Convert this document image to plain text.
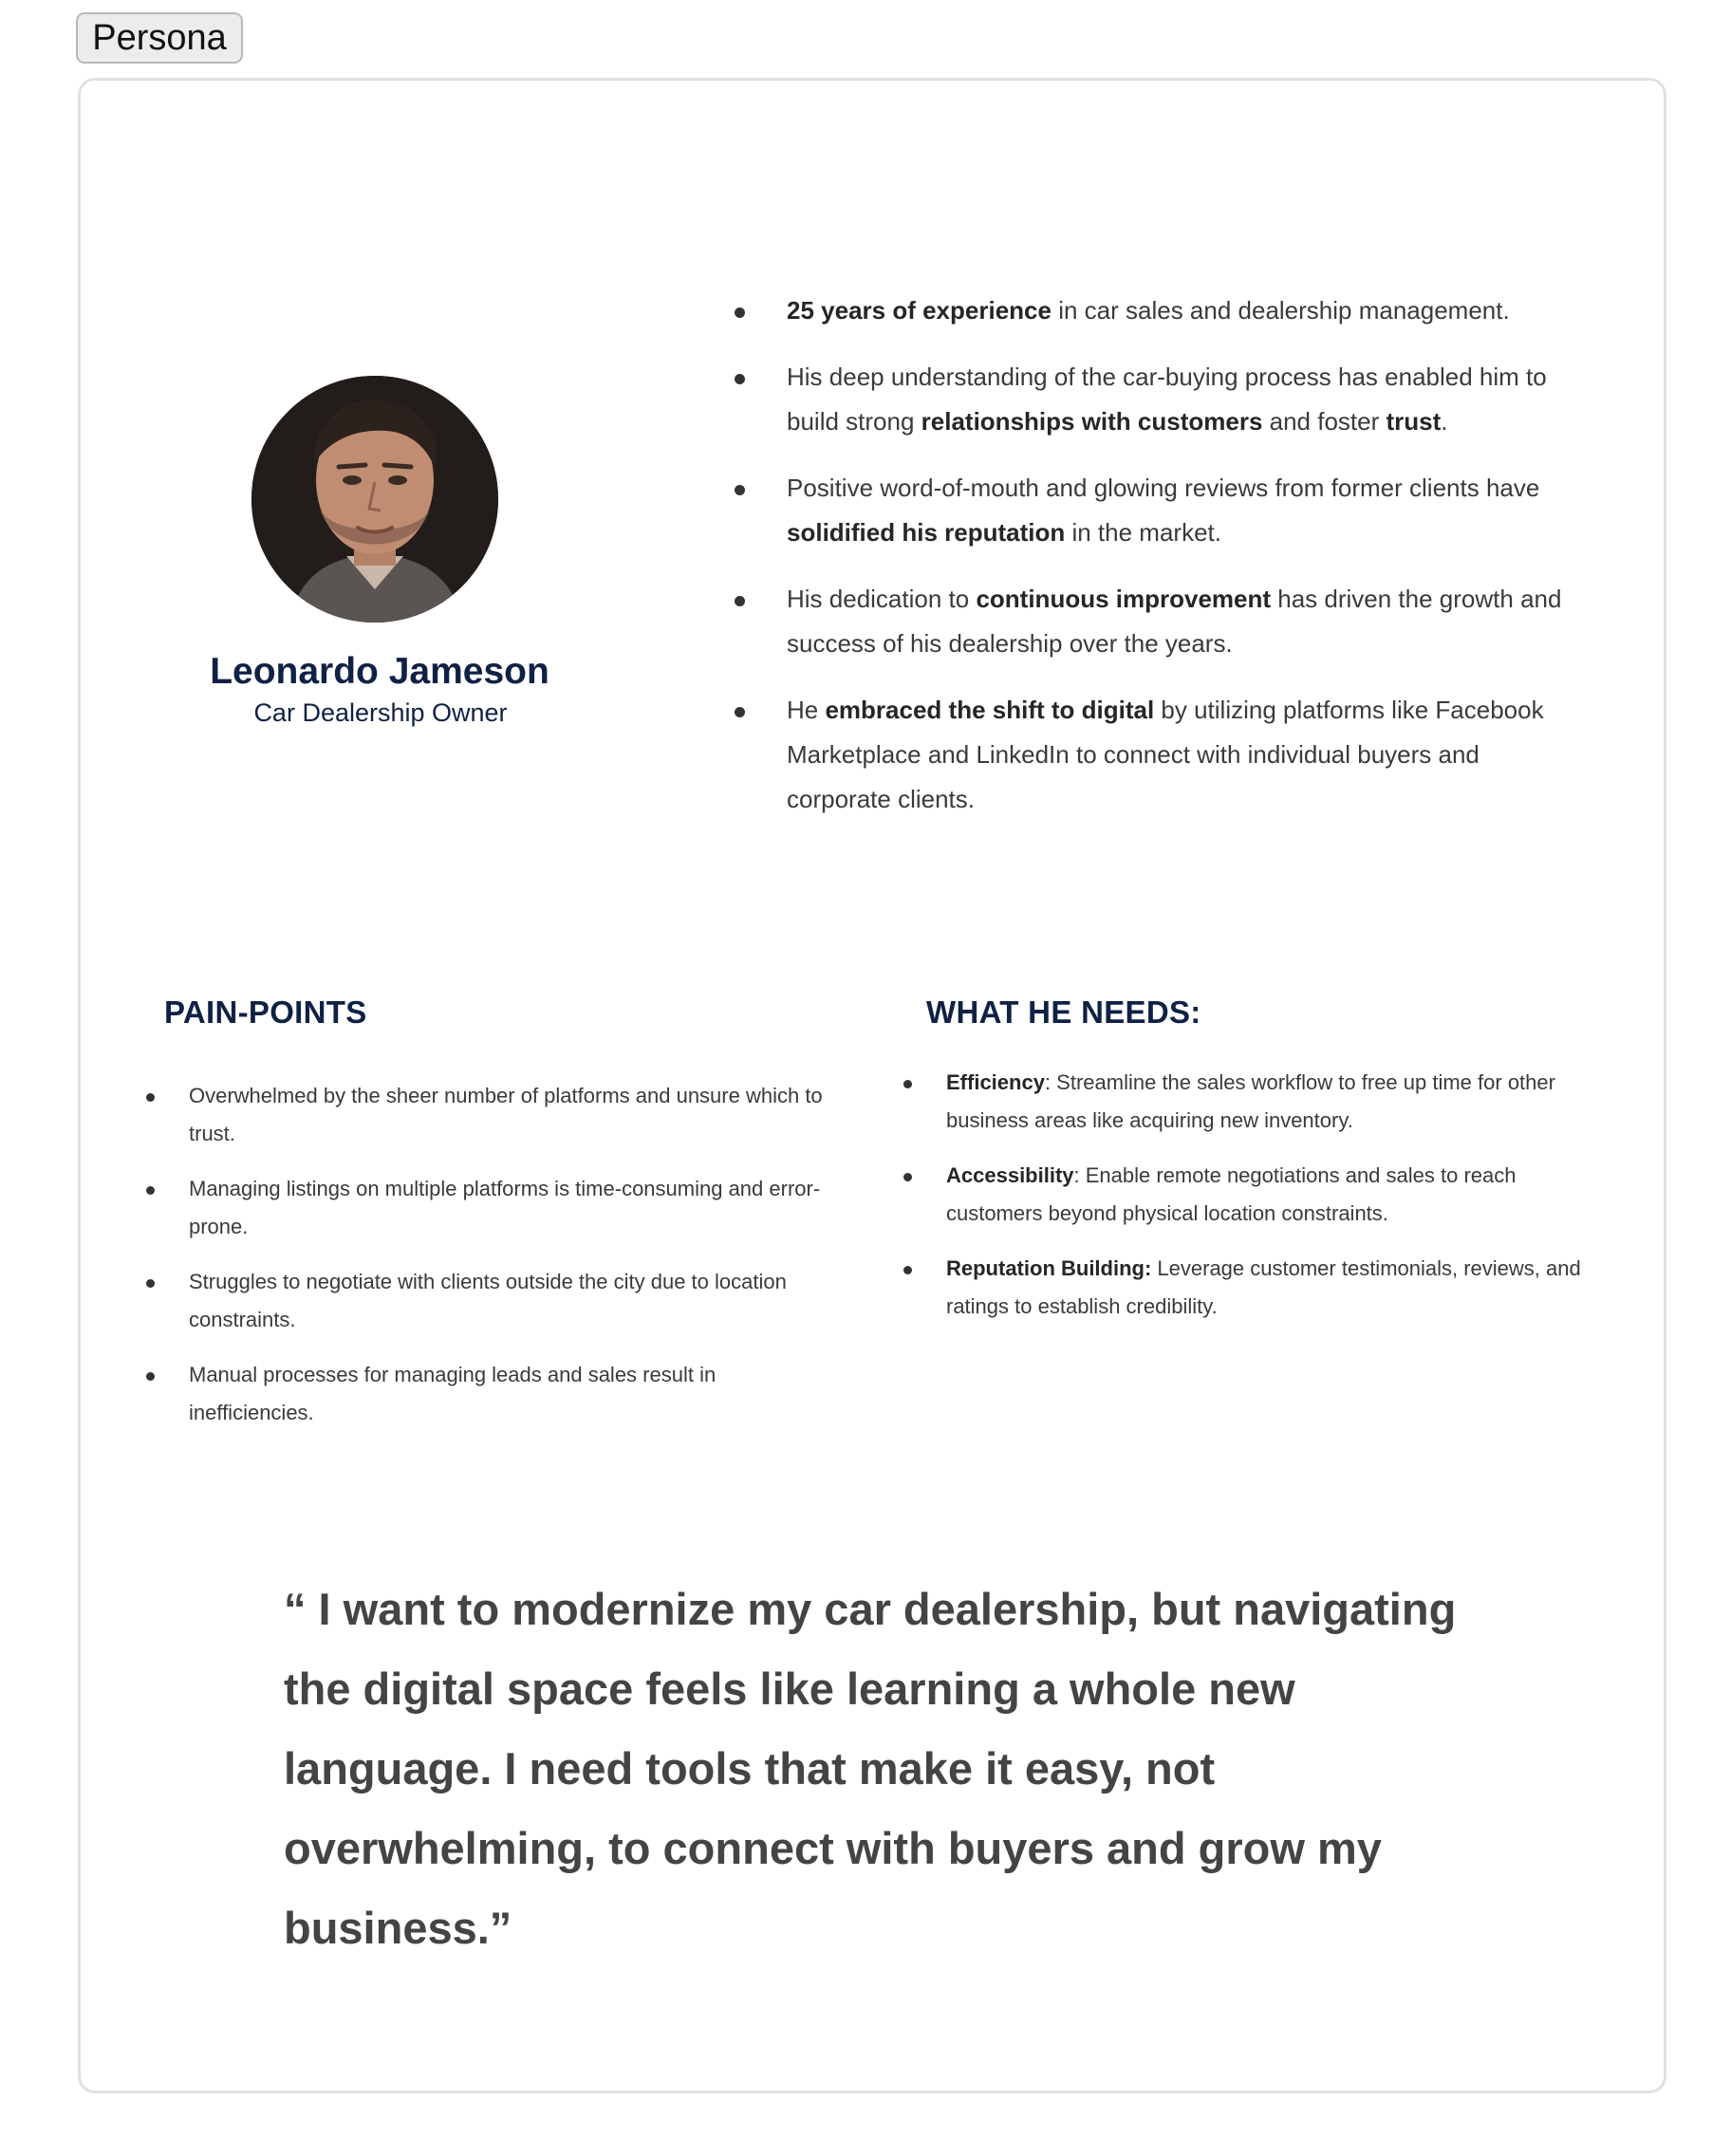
Persona
Leonardo Jameson
Car Dealership Owner
25 years of experience in car sales and dealership management.
His deep understanding of the car-buying process has enabled him to build strong relationships with customers and foster trust.
Positive word-of-mouth and glowing reviews from former clients have solidified his reputation in the market.
His dedication to continuous improvement has driven the growth and success of his dealership over the years.
He embraced the shift to digital by utilizing platforms like Facebook Marketplace and LinkedIn to connect with individual buyers and corporate clients.
PAIN-POINTS
Overwhelmed by the sheer number of platforms and unsure which to trust.
Managing listings on multiple platforms is time-consuming and error-prone.
Struggles to negotiate with clients outside the city due to location constraints.
Manual processes for managing leads and sales result in inefficiencies.
WHAT HE NEEDS:
Efficiency: Streamline the sales workflow to free up time for other business areas like acquiring new inventory.
Accessibility: Enable remote negotiations and sales to reach customers beyond physical location constraints.
Reputation Building: Leverage customer testimonials, reviews, and ratings to establish credibility.
“ I want to modernize my car dealership, but navigating the digital space feels like learning a whole new language. I need tools that make it easy, not overwhelming, to connect with buyers and grow my business.”
